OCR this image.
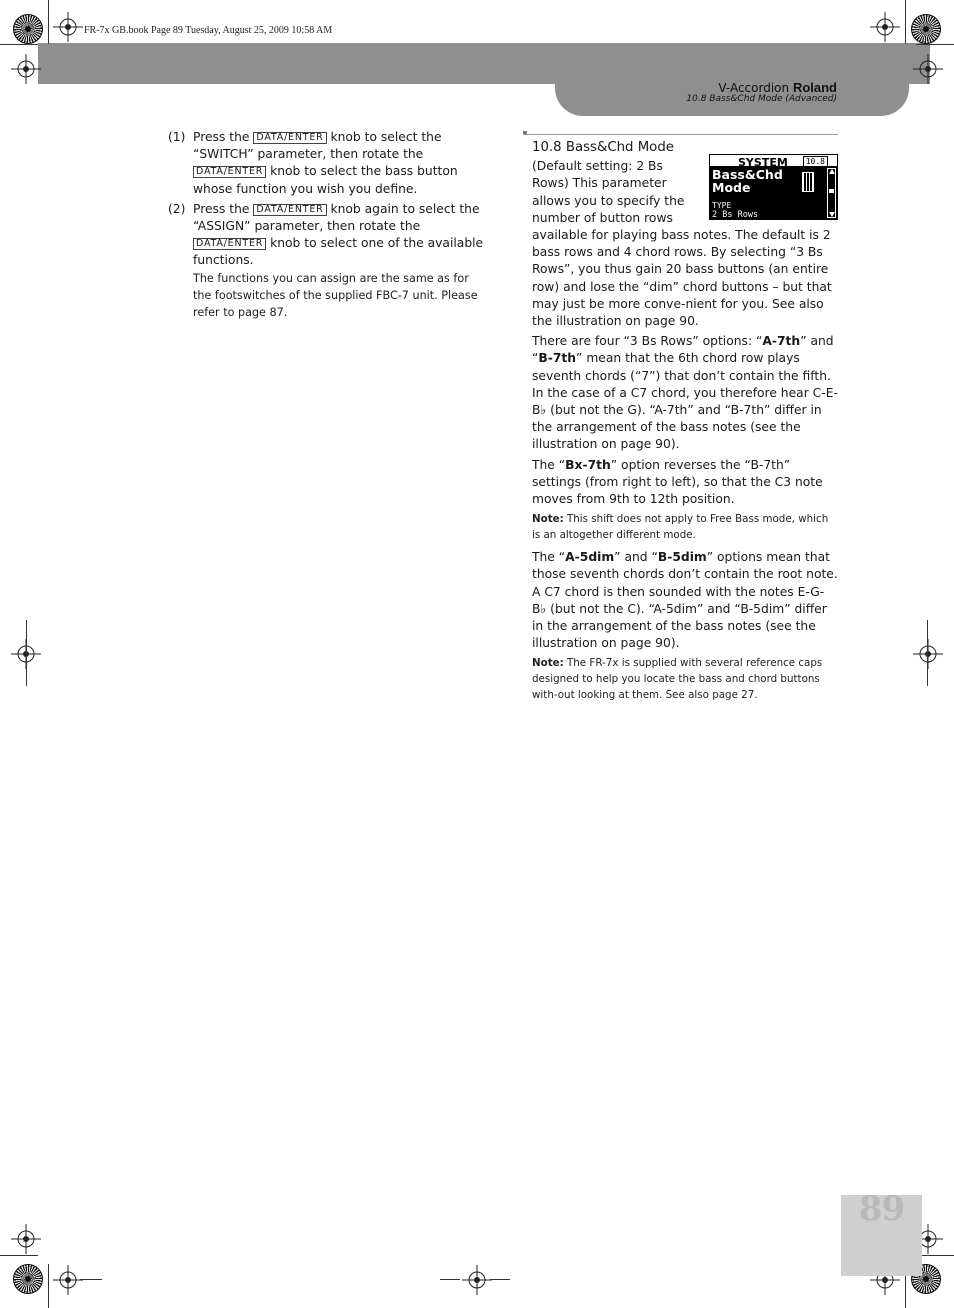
FR-7x GB.book Page 89 Tuesday, August 25, 2009 10:58 AM
V-Accordion Roland
10.8 Bass&Chd Mode (Advanced)
(1) Press the DATA/ENTER knob to select the “SWITCH” parameter, then rotate the DATA/ENTER knob to select the bass button whose function you wish you define.
(2) Press the DATA/ENTER knob again to select the “ASSIGN” parameter, then rotate the DATA/ENTER knob to select one of the available functions.
The functions you can assign are the same as for the footswitches of the supplied FBC-7 unit. Please refer to page 87.
10.8 Bass&Chd Mode
SYSTEM	10.8
Bass&Chd
Mode
TYPE
2 Bs Rows

(Default setting: 2 Bs Rows) This parameter allows you to specify the number of button rows available for playing bass notes. The default is 2 bass rows and 4 chord rows. By selecting “3 Bs Rows”, you thus gain 20 bass buttons (an entire row) and lose the “dim” chord buttons – but that may just be more conve-nient for you. See also the illustration on page 90.

There are four “3 Bs Rows” options: “A-7th” and “B-7th” mean that the 6th chord row plays seventh chords (“7”) that don’t contain the fifth. In the case of a C7 chord, you therefore hear C-E-B♭ (but not the G). “A-7th” and “B-7th” differ in the arrangement of the bass notes (see the illustration on page 90).

The “Bx-7th” option reverses the “B-7th” settings (from right to left), so that the C3 note moves from 9th to 12th position.

Note: This shift does not apply to Free Bass mode, which is an altogether different mode.

The “A-5dim” and “B-5dim” options mean that those seventh chords don’t contain the root note. A C7 chord is then sounded with the notes E-G-B♭ (but not the C). “A-5dim” and “B-5dim” differ in the arrangement of the bass notes (see the illustration on page 90).

Note: The FR-7x is supplied with several reference caps designed to help you locate the bass and chord buttons with-out looking at them. See also page 27.

89
